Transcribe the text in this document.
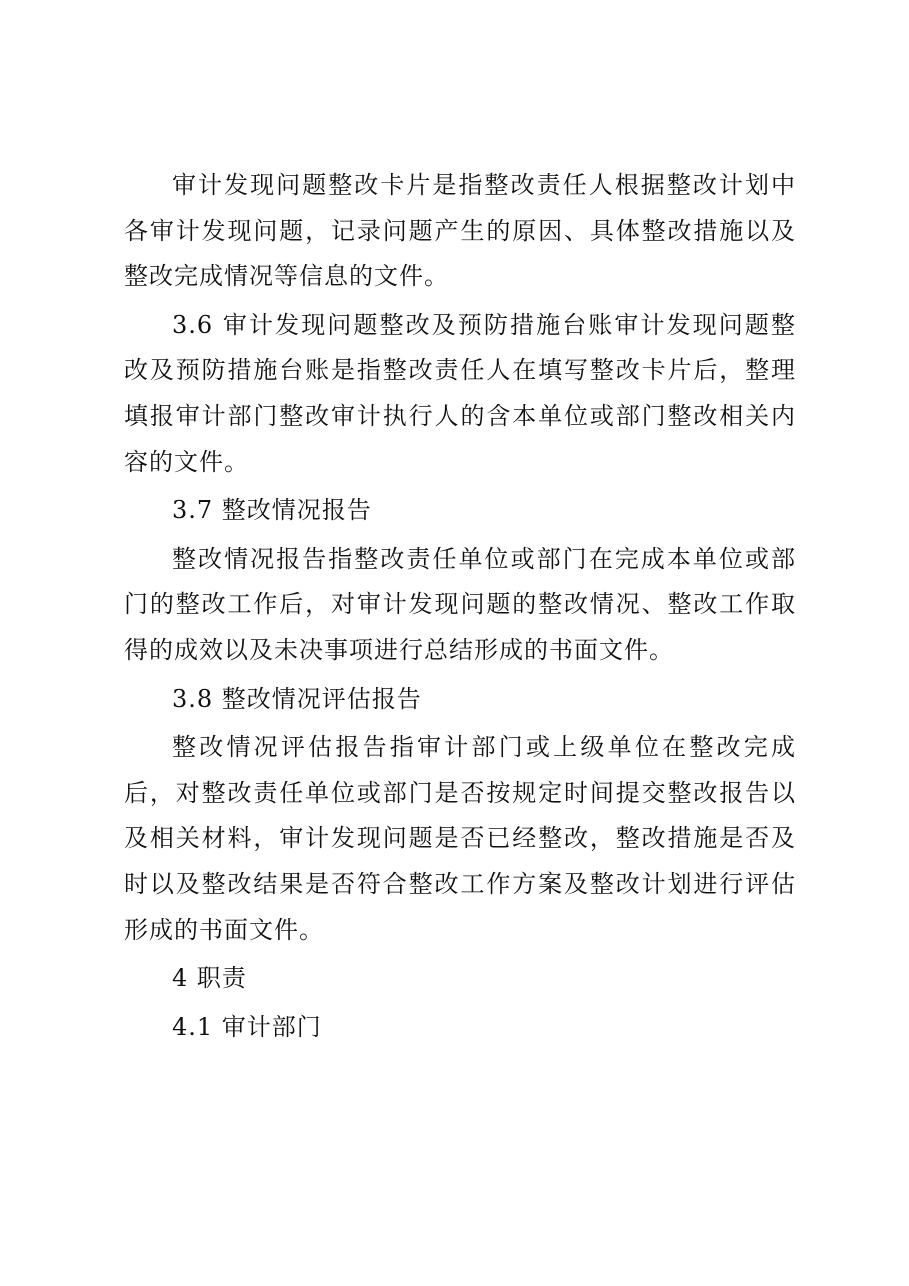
审计发现问题整改卡片是指整改责任人根据整改计划中各审计发现问题，记录问题产生的原因、具体整改措施以及整改完成情况等信息的文件。

3.6 审计发现问题整改及预防措施台账审计发现问题整改及预防措施台账是指整改责任人在填写整改卡片后，整理填报审计部门整改审计执行人的含本单位或部门整改相关内容的文件。

3.7 整改情况报告

整改情况报告指整改责任单位或部门在完成本单位或部门的整改工作后，对审计发现问题的整改情况、整改工作取得的成效以及未决事项进行总结形成的书面文件。

3.8 整改情况评估报告

整改情况评估报告指审计部门或上级单位在整改完成后，对整改责任单位或部门是否按规定时间提交整改报告以及相关材料，审计发现问题是否已经整改，整改措施是否及时以及整改结果是否符合整改工作方案及整改计划进行评估形成的书面文件。

4 职责

4.1 审计部门
